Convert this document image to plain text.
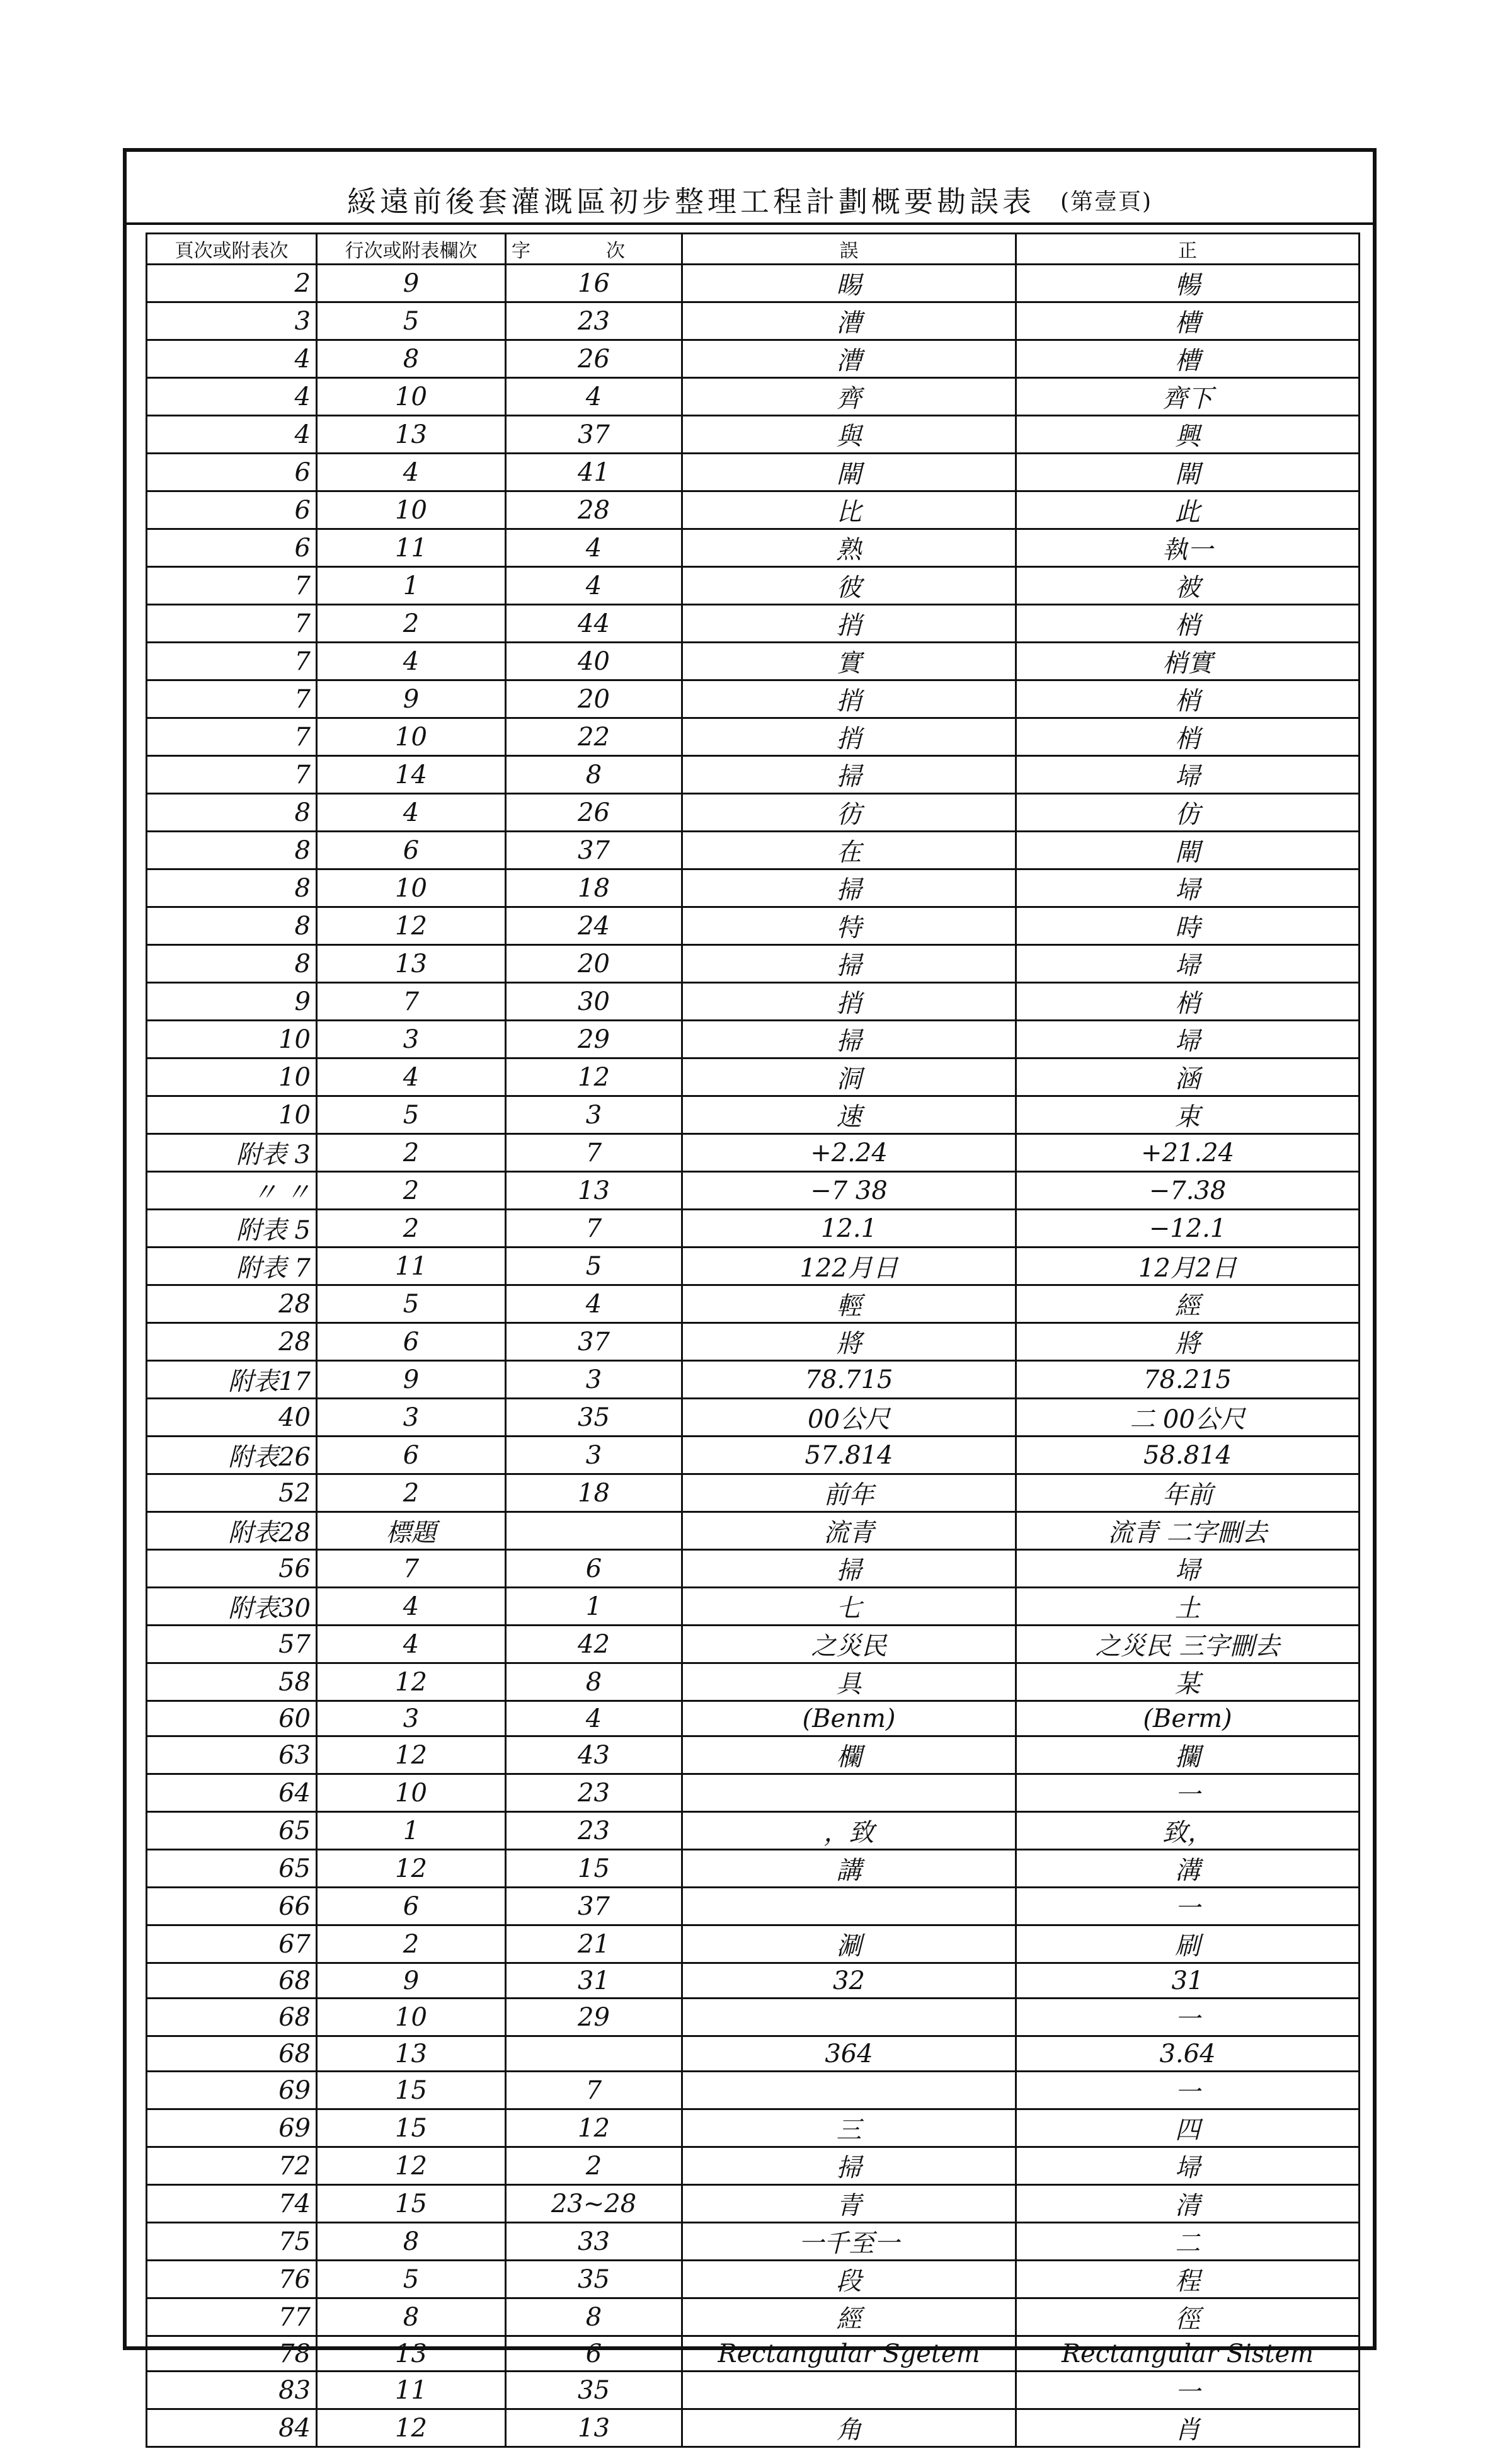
綏遠前後套灌溉區初步整理工程計劃概要勘誤表 (第壹頁)
頁次或附表次	行次或附表欄次	字 次	誤	正
2	9	16	睗	暢
3	5	23	漕	槽
4	8	26	漕	槽
4	10	4	齊	齊下
4	13	37	與	興
6	4	41	閘	閘
6	10	28	比	此
6	11	4	熟	執一
7	1	4	彼	被
7	2	44	捎	梢
7	4	40	實	梢實
7	9	20	捎	梢
7	10	22	捎	梢
7	14	8	掃	埽
8	4	26	彷	仿
8	6	37	在	閘
8	10	18	掃	埽
8	12	24	特	時
8	13	20	掃	埽
9	7	30	捎	梢
10	3	29	掃	埽
10	4	12	洞	涵
10	5	3	速	束
附表 3	2	7	+2.24	+21.24
〃 〃	2	13	−7 38	−7.38
附表 5	2	7	12.1	−12.1
附表 7	11	5	122月日	12月2日
28	5	4	輕	經
28	6	37	將	將
附表17	9	3	78.715	78.215
40	3	35	00公尺	二 00公尺
附表26	6	3	57.814	58.814
52	2	18	前年	年前
附表28	標題		流青	流青 二字刪去
56	7	6	掃	埽
附表30	4	1	七	土
57	4	42	之災民	之災民 三字刪去
58	12	8	具	某
60	3	4	(Benm)	(Berm)
63	12	43	欄	攔
64	10	23		一
65	1	23	，致	致，
65	12	15	講	溝
66	6	37		一
67	2	21	涮	刷
68	9	31	32	31
68	10	29		一
68	13		364	3.64
69	15	7		一
69	15	12	三	四
72	12	2	掃	埽
74	15	23~28	青	清
75	8	33	一千至一	二
76	5	35	段	程
77	8	8	經	徑
78	13	6	Rectangular Sgetem	Rectangular Sistem
83	11	35		一
84	12	13	角	肖
